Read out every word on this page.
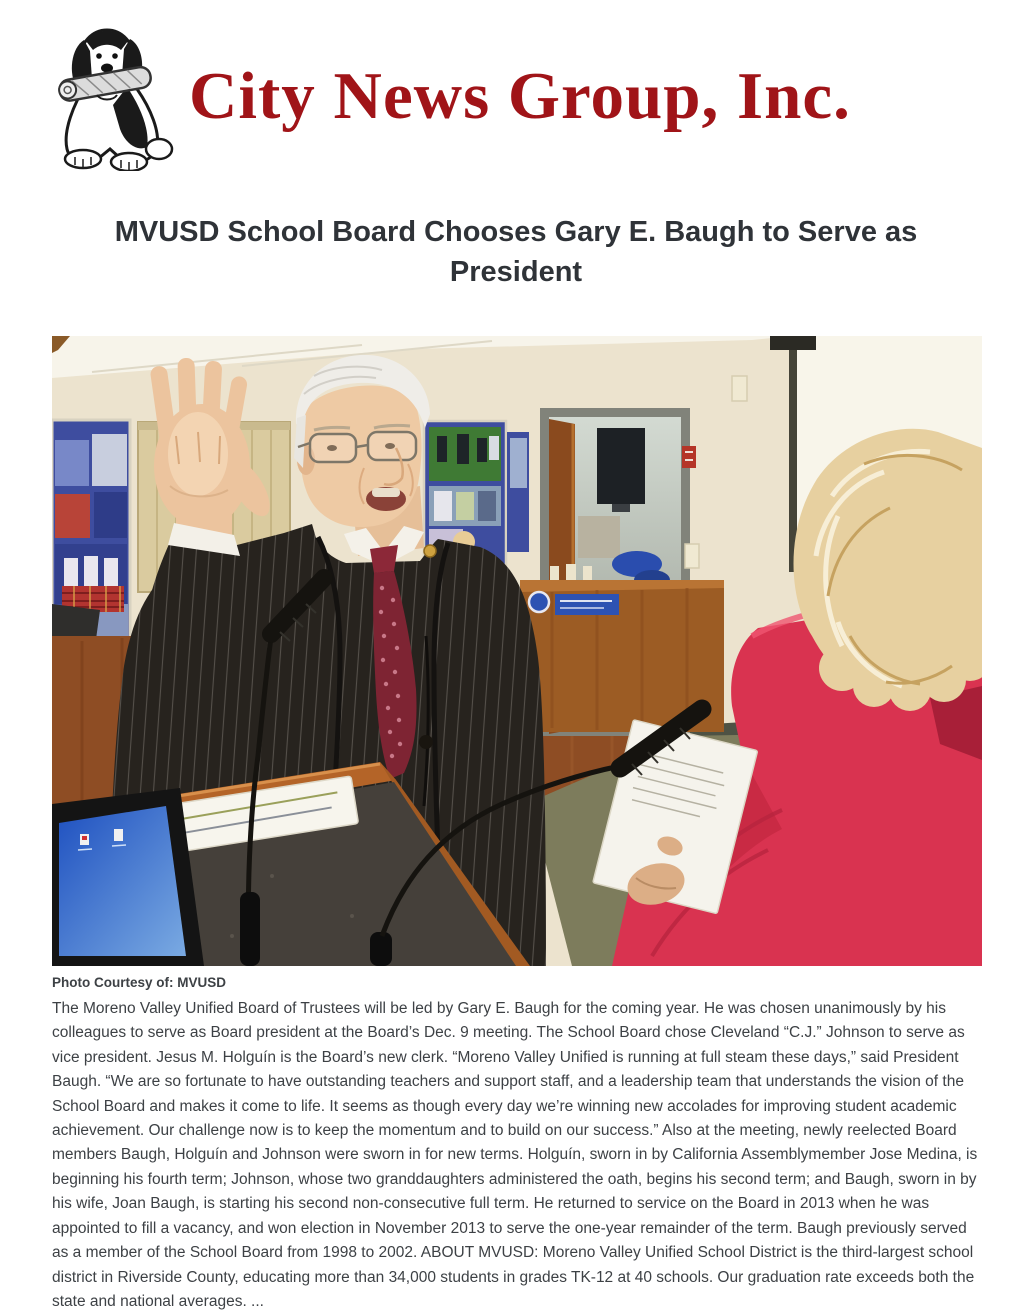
City News Group, Inc.
MVUSD School Board Chooses Gary E. Baugh to Serve as President
Photo Courtesy of: MVUSD

The Moreno Valley Unified Board of Trustees will be led by Gary E. Baugh for the coming year. He was chosen unanimously by his colleagues to serve as Board president at the Board’s Dec. 9 meeting. The School Board chose Cleveland “C.J.” Johnson to serve as vice president. Jesus M. Holguín is the Board’s new clerk. “Moreno Valley Unified is running at full steam these days,” said President Baugh. “We are so fortunate to have outstanding teachers and support staff, and a leadership team that understands the vision of the School Board and makes it come to life. It seems as though every day we’re winning new accolades for improving student academic achievement. Our challenge now is to keep the momentum and to build on our success.” Also at the meeting, newly reelected Board members Baugh, Holguín and Johnson were sworn in for new terms. Holguín, sworn in by California Assemblymember Jose Medina, is beginning his fourth term; Johnson, whose two granddaughters administered the oath, begins his second term; and Baugh, sworn in by his wife, Joan Baugh, is starting his second non-consecutive full term. He returned to service on the Board in 2013 when he was appointed to fill a vacancy, and won election in November 2013 to serve the one-year remainder of the term. Baugh previously served as a member of the School Board from 1998 to 2002. ABOUT MVUSD: Moreno Valley Unified School District is the third-largest school district in Riverside County, educating more than 34,000 students in grades TK-12 at 40 schools. Our graduation rate exceeds both the state and national averages. ...
